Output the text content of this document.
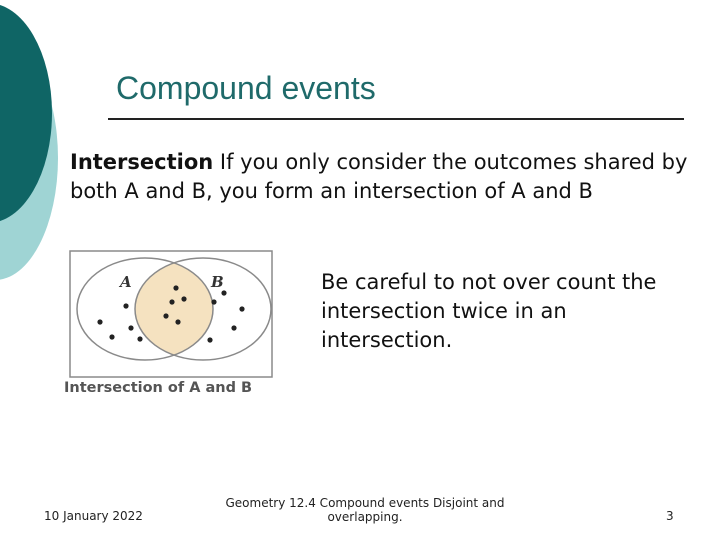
Compound events
Intersection If you only consider the outcomes shared by both A and B, you form an intersection of A and B
A	B
Intersection of A and B
Be careful to not over count the intersection twice in an intersection.
10 January 2022
Geometry 12.4 Compound events Disjoint and overlapping.	3
